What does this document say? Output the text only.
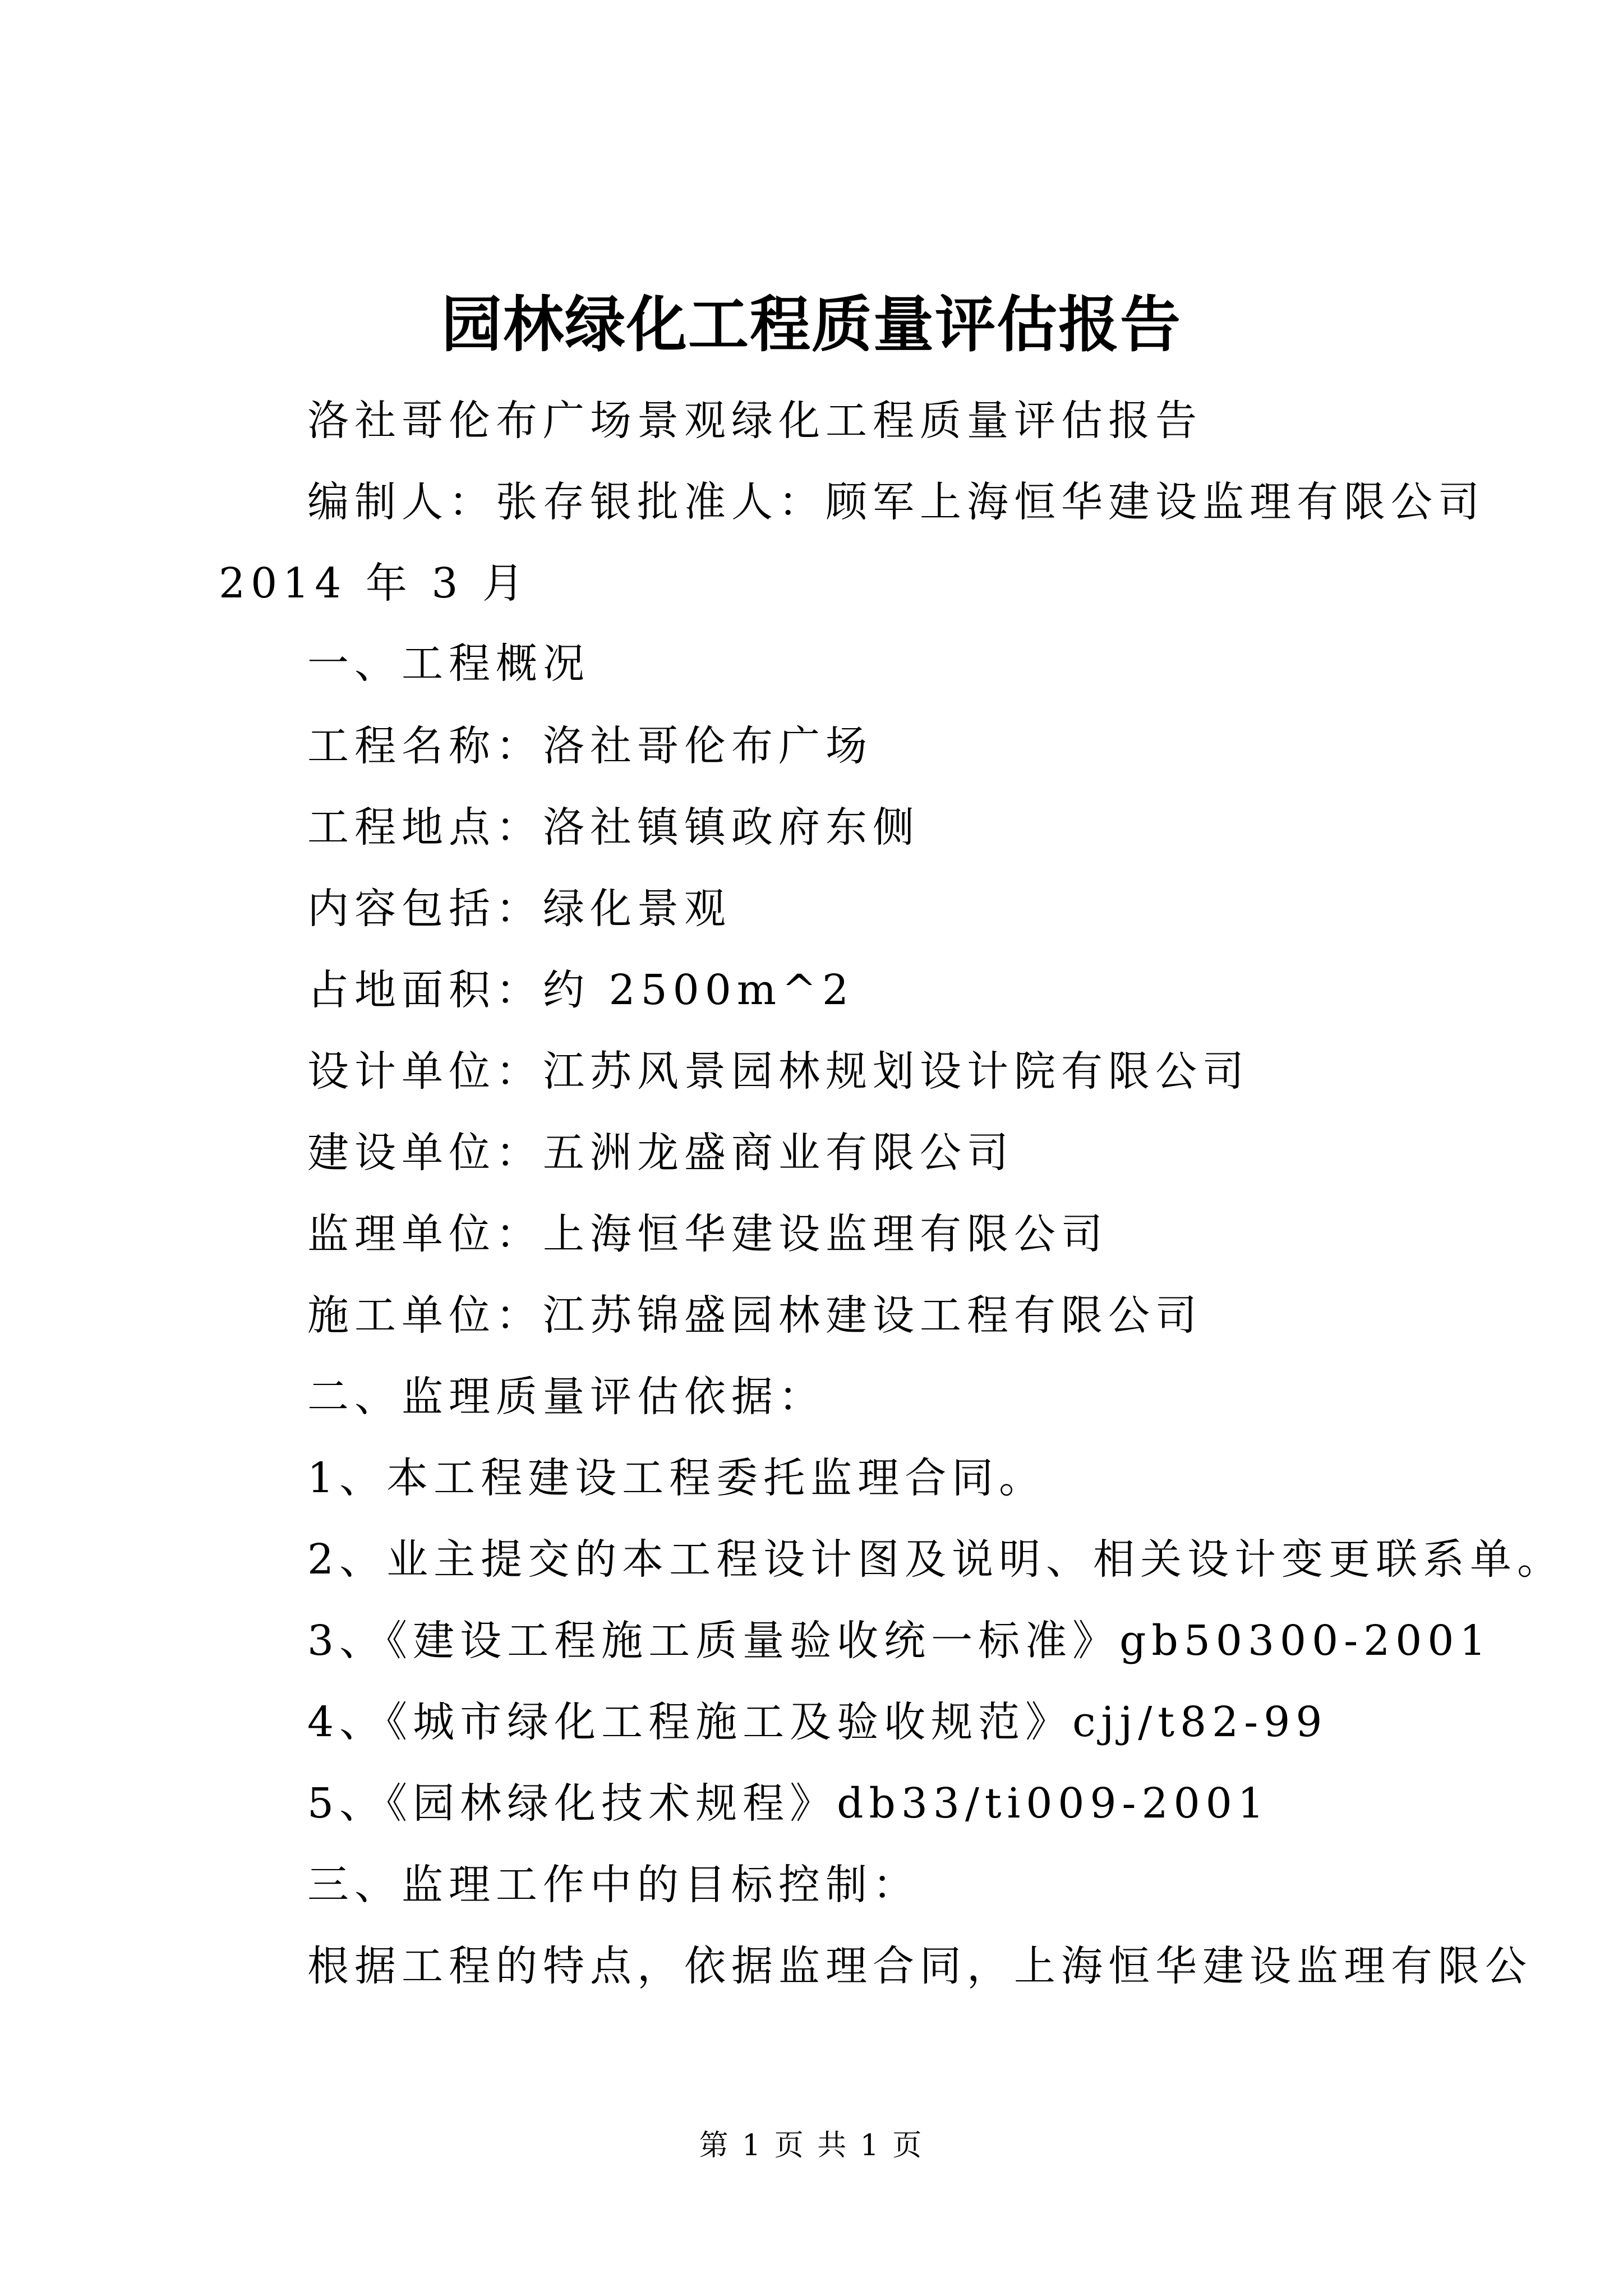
园林绿化工程质量评估报告
洛社哥伦布广场景观绿化工程质量评估报告
编制人：张存银批准人：顾军上海恒华建设监理有限公司
2014 年 3 月
一、工程概况
工程名称：洛社哥伦布广场
工程地点：洛社镇镇政府东侧
内容包括：绿化景观
占地面积：约 2500m^2
设计单位：江苏风景园林规划设计院有限公司
建设单位：五洲龙盛商业有限公司
监理单位：上海恒华建设监理有限公司
施工单位：江苏锦盛园林建设工程有限公司
二、监理质量评估依据：
1、本工程建设工程委托监理合同。
2、业主提交的本工程设计图及说明、相关设计变更联系单。
3、《建设工程施工质量验收统一标准》gb50300-2001
4、《城市绿化工程施工及验收规范》cjj/t82-99
5、《园林绿化技术规程》db33/ti009-2001
三、监理工作中的目标控制：
根据工程的特点，依据监理合同，上海恒华建设监理有限公
第 1 页 共 1 页
